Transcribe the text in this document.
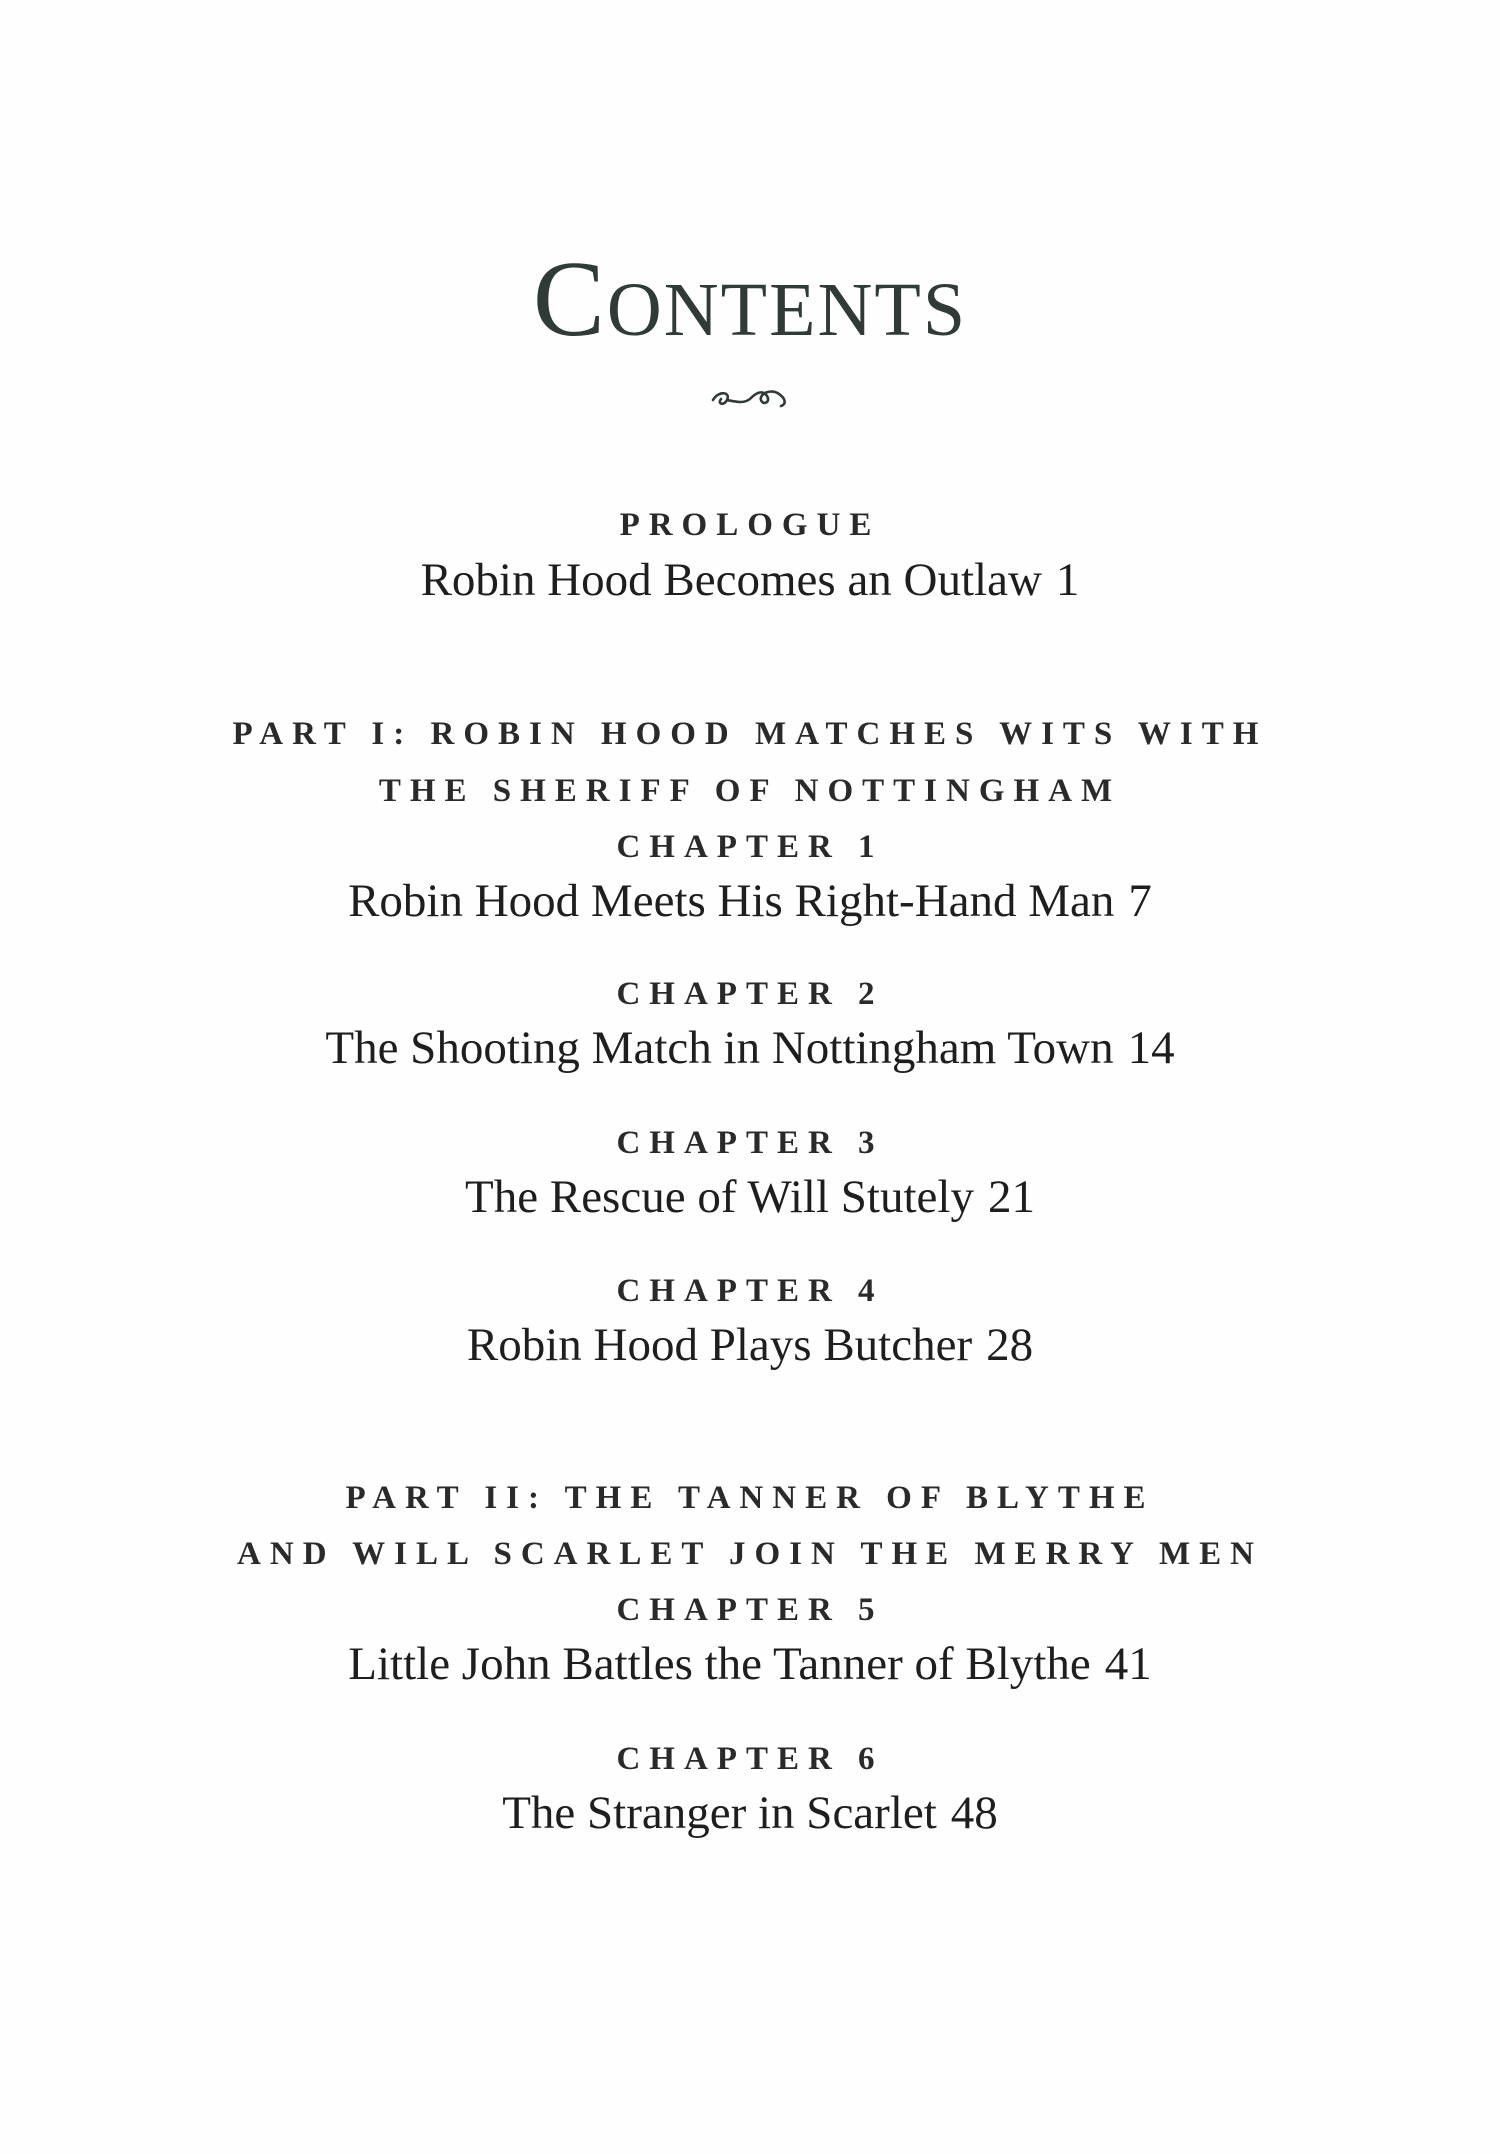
Contents
PROLOGUE
Robin Hood Becomes an Outlaw 1
PART I: ROBIN HOOD MATCHES WITS WITH
THE SHERIFF OF NOTTINGHAM
CHAPTER 1
Robin Hood Meets His Right-Hand Man 7
CHAPTER 2
The Shooting Match in Nottingham Town 14
CHAPTER 3
The Rescue of Will Stutely 21
CHAPTER 4
Robin Hood Plays Butcher 28
PART II: THE TANNER OF BLYTHE
AND WILL SCARLET JOIN THE MERRY MEN
CHAPTER 5
Little John Battles the Tanner of Blythe 41
CHAPTER 6
The Stranger in Scarlet 48
